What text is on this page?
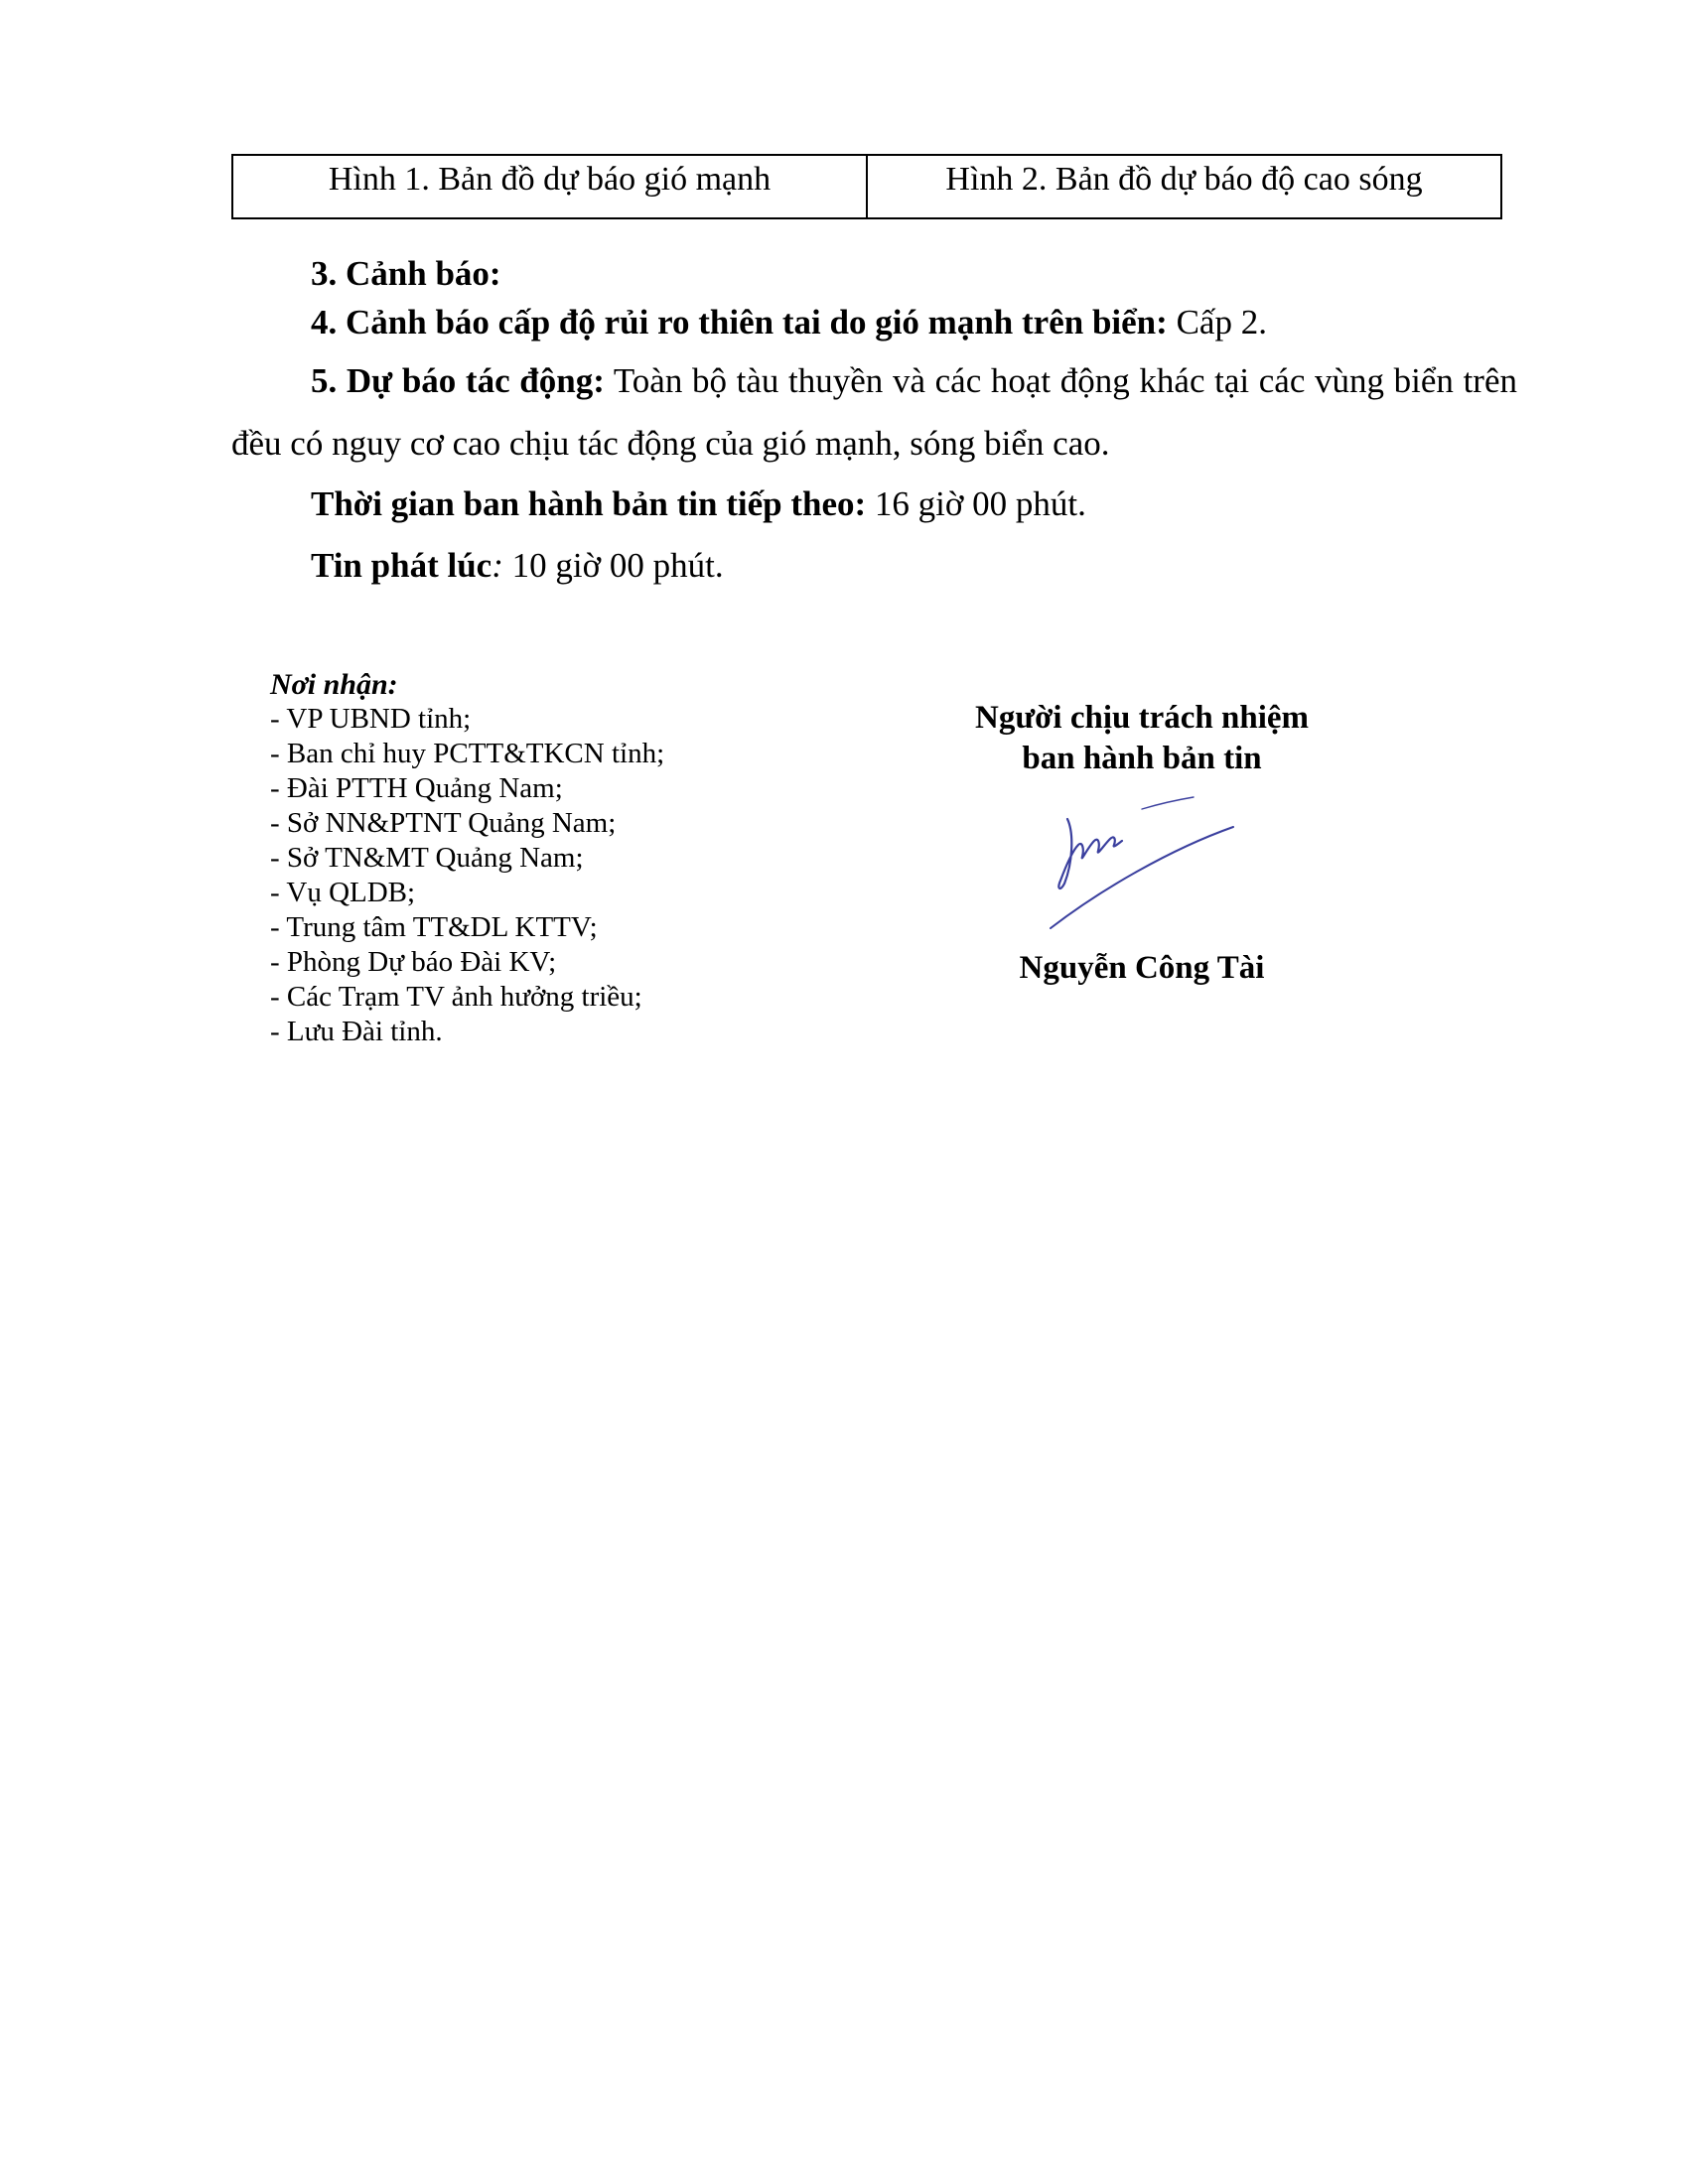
Hình 1. Bản đồ dự báo gió mạnh	Hình 2. Bản đồ dự báo độ cao sóng

3. Cảnh báo:

4. Cảnh báo cấp độ rủi ro thiên tai do gió mạnh trên biển: Cấp 2.

5. Dự báo tác động: Toàn bộ tàu thuyền và các hoạt động khác tại các vùng biển trên đều có nguy cơ cao chịu tác động của gió mạnh, sóng biển cao.

Thời gian ban hành bản tin tiếp theo: 16 giờ 00 phút.

Tin phát lúc: 10 giờ 00 phút.

Nơi nhận:
- VP UBND tỉnh;
- Ban chỉ huy PCTT&TKCN tỉnh;
- Đài PTTH Quảng Nam;
- Sở NN&PTNT Quảng Nam;
- Sở TN&MT Quảng Nam;
- Vụ QLDB;
- Trung tâm TT&DL KTTV;
- Phòng Dự báo Đài KV;
- Các Trạm TV ảnh hưởng triều;
- Lưu Đài tỉnh.
Người chịu trách nhiệm
ban hành bản tin
Nguyễn Công Tài
